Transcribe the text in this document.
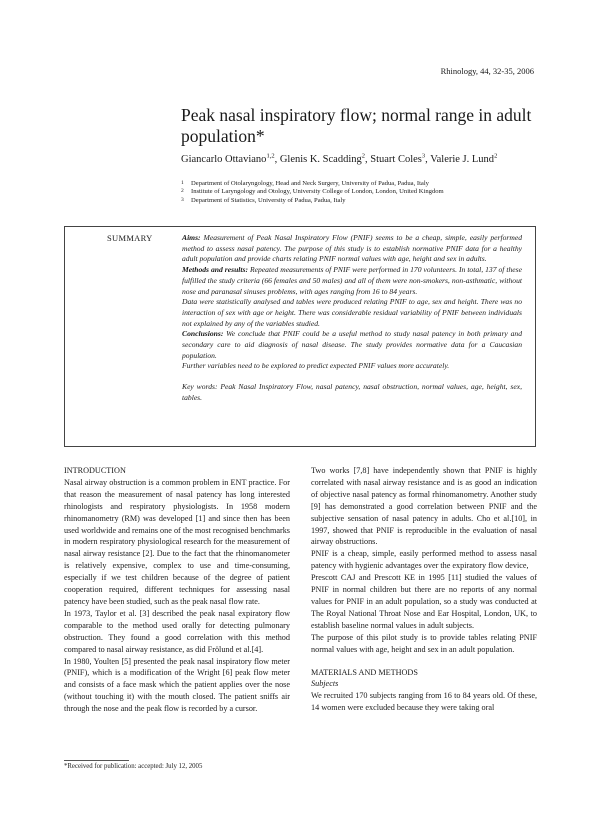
Rhinology, 44, 32-35, 2006
Peak nasal inspiratory flow; normal range in adult population*
Giancarlo Ottaviano$^{1,2}$, Glenis K. Scadding$^2$, Stuart Coles$^3$, Valerie J. Lund$^2$
1	Department of Otolaryngology, Head and Neck Surgery, University of Padua, Padua, Italy
2	Institute of Laryngology and Otology, University College of London, London, United Kingdom
3	Department of Statistics, University of Padua, Padua, Italy
SUMMARY	Aims: Measurement of Peak Nasal Inspiratory Flow (PNIF) seems to be a cheap, simple, easily performed method to assess nasal patency. The purpose of this study is to establish normative PNIF data for a healthy adult population and provide charts relating PNIF normal values with age, height and sex in adults.

Methods and results: Repeated measurements of PNIF were performed in 170 volunteers. In total, 137 of these fulfilled the study criteria (66 females and 50 males) and all of them were non-smokers, non-asthmatic, without nose and paranasal sinuses problems, with ages ranging from 16 to 84 years.

Data were statistically analysed and tables were produced relating PNIF to age, sex and height. There was no interaction of sex with age or height. There was considerable residual variability of PNIF between individuals not explained by any of the variables studied.

Conclusions: We conclude that PNIF could be a useful method to study nasal patency in both primary and secondary care to aid diagnosis of nasal disease. The study provides normative data for a Caucasian population.

Further variables need to be explored to predict expected PNIF values more accurately.

Key words: Peak Nasal Inspiratory Flow, nasal patency, nasal obstruction, normal values, age, height, sex, tables.

INTRODUCTION

Nasal airway obstruction is a common problem in ENT practice. For that reason the measurement of nasal patency has long interested rhinologists and respiratory physiologists. In 1958 modern rhinomanometry (RM) was developed [1] and since then has been used worldwide and remains one of the most recognised benchmarks in modern respiratory physiological research for the measurement of nasal airway resistance [2]. Due to the fact that the rhinomanometer is relatively expensive, complex to use and time-consuming, especially if we test children because of the degree of patient cooperation required, different techniques for assessing nasal patency have been studied, such as the peak nasal flow rate.

In 1973, Taylor et al. [3] described the peak nasal expiratory flow comparable to the method used orally for detecting pulmonary obstruction. They found a good correlation with this method compared to nasal airway resistance, as did Frölund et al.[4].

In 1980, Youlten [5] presented the peak nasal inspiratory flow meter (PNIF), which is a modification of the Wright [6] peak flow meter and consists of a face mask which the patient applies over the nose (without touching it) with the mouth closed. The patient sniffs air through the nose and the peak flow is recorded by a cursor.

Two works [7,8] have independently shown that PNIF is highly correlated with nasal airway resistance and is as good an indication of objective nasal patency as formal rhinomanometry. Another study [9] has demonstrated a good correlation between PNIF and the subjective sensation of nasal patency in adults. Cho et al.[10], in 1997, showed that PNIF is reproducible in the evaluation of nasal airway obstructions.

PNIF is a cheap, simple, easily performed method to assess nasal patency with hygienic advantages over the expiratory flow device,

Prescott CAJ and Prescott KE in 1995 [11] studied the values of PNIF in normal children but there are no reports of any normal values for PNIF in an adult population, so a study was conducted at The Royal National Throat Nose and Ear Hospital, London, UK, to establish baseline normal values in adult subjects.

The purpose of this pilot study is to provide tables relating PNIF normal values with age, height and sex in an adult population.

MATERIALS AND METHODS

Subjects

We recruited 170 subjects ranging from 16 to 84 years old. Of these, 14 women were excluded because they were taking oral

*Received for publication: accepted: July 12, 2005
